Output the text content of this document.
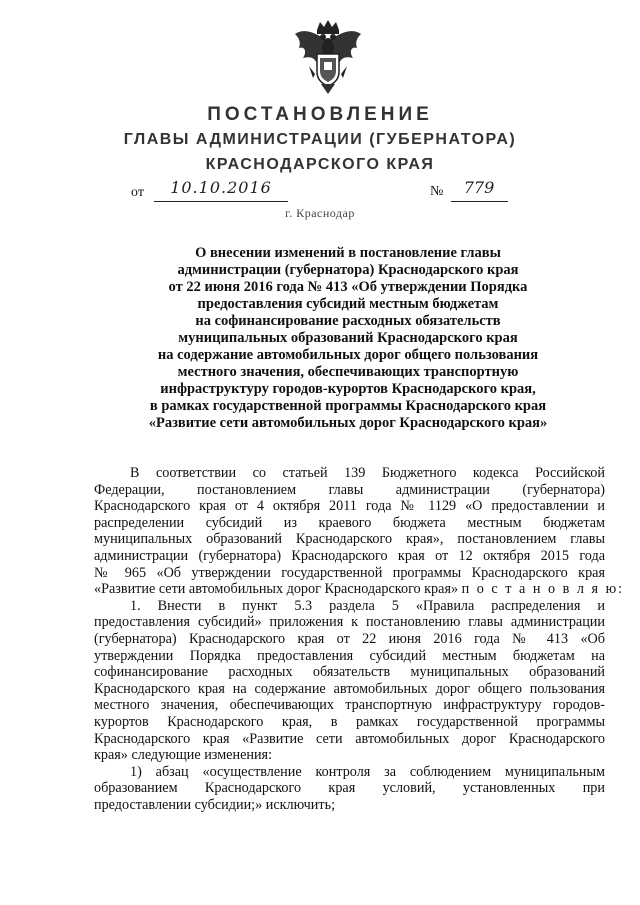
ПОСТАНОВЛЕНИЕ
ГЛАВЫ АДМИНИСТРАЦИИ (ГУБЕРНАТОРА)
КРАСНОДАРСКОГО КРАЯ
от	10.10.2016	№	779
г. Краснодар
О внесении изменений в постановление главы
администрации (губернатора) Краснодарского края
от 22 июня 2016 года № 413 «Об утверждении Порядка
предоставления субсидий местным бюджетам
на софинансирование расходных обязательств
муниципальных образований Краснодарского края
на содержание автомобильных дорог общего пользования
местного значения, обеспечивающих транспортную
инфраструктуру городов-курортов Краснодарского края,
в рамках государственной программы Краснодарского края
«Развитие сети автомобильных дорог Краснодарского края»
В соответствии со статьей 139 Бюджетного кодекса Российской
Федерации, постановлением главы администрации (губернатора)
Краснодарского края от 4 октября 2011 года № 1129 «О предоставлении и
распределении субсидий из краевого бюджета местным бюджетам
муниципальных образований Краснодарского края», постановлением главы
администрации (губернатора) Краснодарского края от 12 октября 2015 года
№ 965 «Об утверждении государственной программы Краснодарского края
«Развитие сети автомобильных дорог Краснодарского края» п о с т а н о в л я ю:
1. Внести в пункт 5.3 раздела 5 «Правила распределения и
предоставления субсидий» приложения к постановлению главы администрации
(губернатора) Краснодарского края от 22 июня 2016 года № 413 «Об
утверждении Порядка предоставления субсидий местным бюджетам на
софинансирование расходных обязательств муниципальных образований
Краснодарского края на содержание автомобильных дорог общего пользования
местного значения, обеспечивающих транспортную инфраструктуру городов-
курортов Краснодарского края, в рамках государственной программы
Краснодарского края «Развитие сети автомобильных дорог Краснодарского
края» следующие изменения:
1) абзац «осуществление контроля за соблюдением муниципальным
образованием Краснодарского края условий, установленных при
предоставлении субсидии;» исключить;
